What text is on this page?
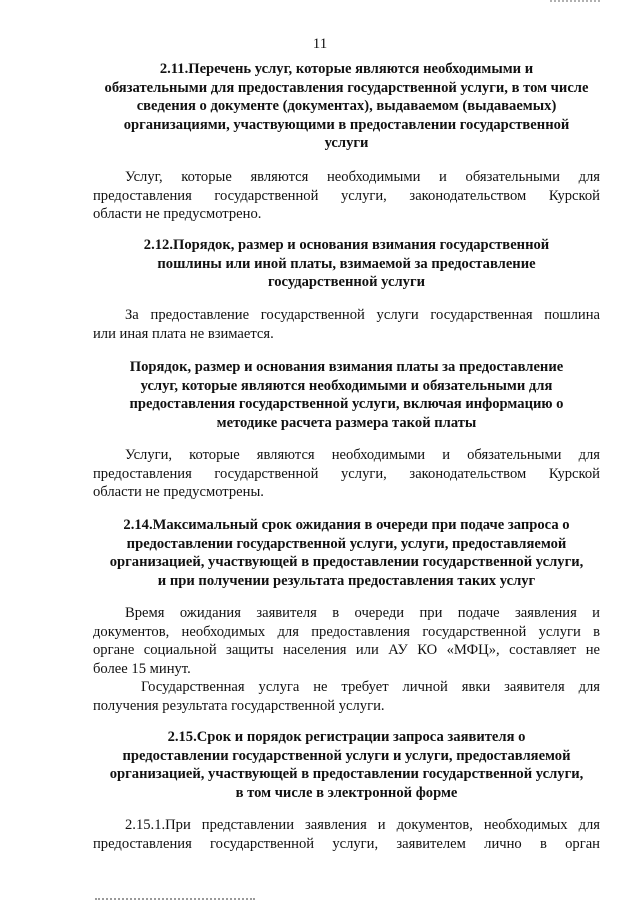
11
2.11.Перечень услуг, которые являются необходимыми и
обязательными для предоставления государственной услуги, в том числе
сведения о документе (документах), выдаваемом (выдаваемых)
организациями, участвующими в предоставлении государственной
услуги
Услуг, которые являются необходимыми и обязательными для
предоставления государственной услуги, законодательством Курской
области не предусмотрено.
2.12.Порядок, размер и основания взимания государственной
пошлины или иной платы, взимаемой за предоставление
государственной услуги
За предоставление государственной услуги государственная пошлина
или иная плата не взимается.
Порядок, размер и основания взимания платы за предоставление
услуг, которые являются необходимыми и обязательными для
предоставления государственной услуги, включая информацию о
методике расчета размера такой платы
Услуги, которые являются необходимыми и обязательными для
предоставления государственной услуги, законодательством Курской
области не предусмотрены.
2.14.Максимальный срок ожидания в очереди при подаче запроса о
предоставлении государственной услуги, услуги, предоставляемой
организацией, участвующей в предоставлении государственной услуги,
и при получении результата предоставления таких услуг
Время ожидания заявителя в очереди при подаче заявления и
документов, необходимых для предоставления государственной услуги в
органе социальной защиты населения или АУ КО «МФЦ», составляет не
более 15 минут.
Государственная услуга не требует личной явки заявителя для
получения результата государственной услуги.
2.15.Срок и порядок регистрации запроса заявителя о
предоставлении государственной услуги и услуги, предоставляемой
организацией, участвующей в предоставлении государственной услуги,
в том числе в электронной форме
2.15.1.При представлении заявления и документов, необходимых для
предоставления государственной услуги, заявителем лично в орган
